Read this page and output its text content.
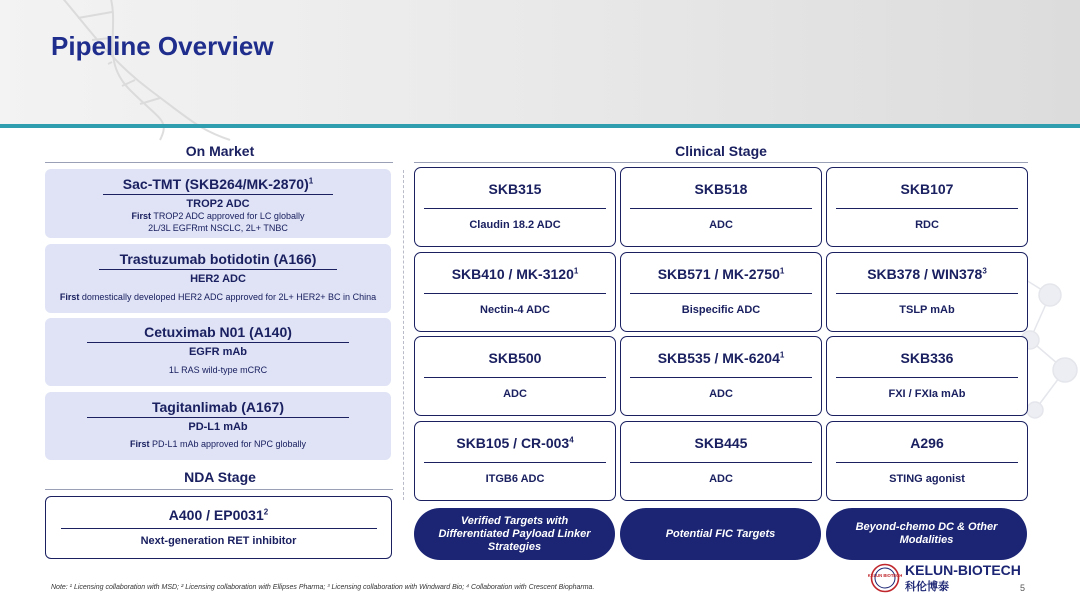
Pipeline Overview
On Market	Clinical Stage
Sac-TMT $(SKB264/MK-2870)^1$
TROP2 ADC
First TROP2 ADC approved for LC globally
2L/3L EGFRmt NSCLC, 2L+ TNBC
Trastuzumab botidotin (A166)
HER2 ADC
First domestically developed HER2 ADC approved for 2L+ HER2+ BC in China
Cetuximab N01 (A140)
EGFR mAb
1L RAS wild-type mCRC
Tagitanlimab (A167)
PD-L1 mAb
First PD-L1 mAb approved for NPC globally
NDA Stage
A400 / EP0031$^2$
Next-generation RET inhibitor
SKB315
Claudin 18.2 ADC
SKB518
ADC
SKB107
RDC
SKB410 / MK-3120$^1$
Nectin-4 ADC
SKB571 / MK-2750$^1$
Bispecific ADC
$SKB378 / WIN378^3$
TSLP mAb
SKB500
ADC
SKB535 / MK-6204$^1$
ADC
SKB336
FXI / FXIa mAb
$SKB105 / CR-003^4$
ITGB6 ADC
SKB445
ADC
A296
STING agonist
Verified Targets with Differentiated Payload Linker Strategies
Potential FIC Targets
Beyond-chemo DC & Other Modalities
Note: ¹ Licensing collaboration with MSD; ² Licensing collaboration with Ellipses Pharma; ³ Licensing collaboration with Windward Bio; ⁴ Collaboration with Crescent Biopharma.
KELUN BIOTECH KELUN-BIOTECH
科伦博泰	5
